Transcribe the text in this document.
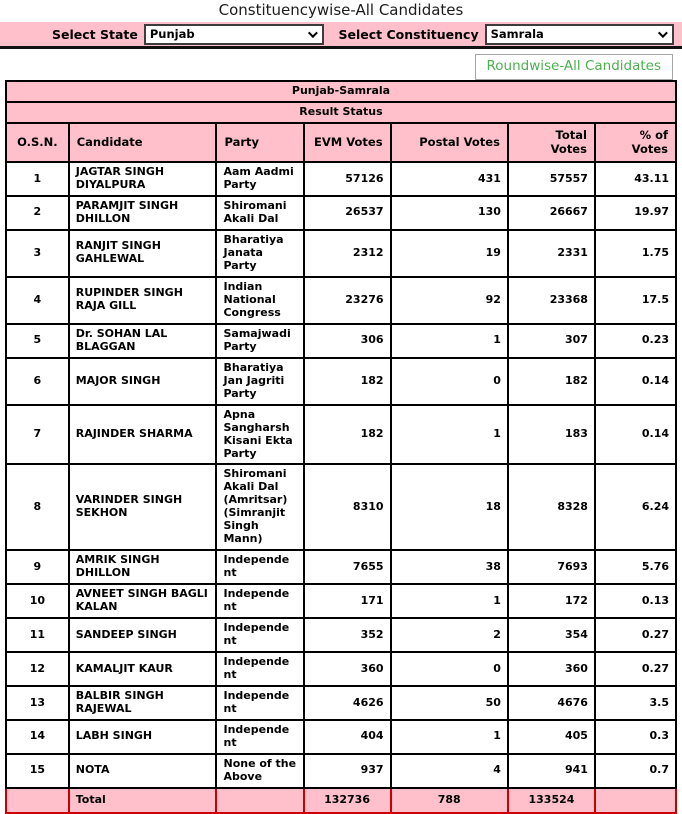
Constituencywise-All Candidates
Select State Punjab	Select Constituency Samrala
Roundwise-All Candidates
Punjab-Samrala						
Result Status						
O.S.N.	Candidate	Party	EVM Votes	Postal Votes	Total Votes	% of Votes
1	JAGTAR SINGH DIYALPURA	Aam Aadmi Party	57126	431	57557	43.11
2	PARAMJIT SINGH DHILLON	Shiromani Akali Dal	26537	130	26667	19.97
3	RANJIT SINGH GAHLEWAL	Bharatiya Janata Party	2312	19	2331	1.75
4	RUPINDER SINGH RAJA GILL	Indian National Congress	23276	92	23368	17.5
5	Dr. SOHAN LAL BLAGGAN	Samajwadi Party	306	1	307	0.23
6	MAJOR SINGH	Bharatiya Jan Jagriti Party	182	0	182	0.14
7	RAJINDER SHARMA	Apna Sangharsh Kisani Ekta Party	182	1	183	0.14
8	VARINDER SINGH SEKHON	Shiromani Akali Dal (Amritsar) (Simranjit Singh Mann)	8310	18	8328	6.24
9	AMRIK SINGH DHILLON	Independent	7655	38	7693	5.76
10	AVNEET SINGH BAGLI KALAN	Independent	171	1	172	0.13
11	SANDEEP SINGH	Independent	352	2	354	0.27
12	KAMALJIT KAUR	Independent	360	0	360	0.27
13	BALBIR SINGH RAJEWAL	Independent	4626	50	4676	3.5
14	LABH SINGH	Independent	404	1	405	0.3
15	NOTA	None of the Above	937	4	941	0.7
	Total		132736	788	133524	
